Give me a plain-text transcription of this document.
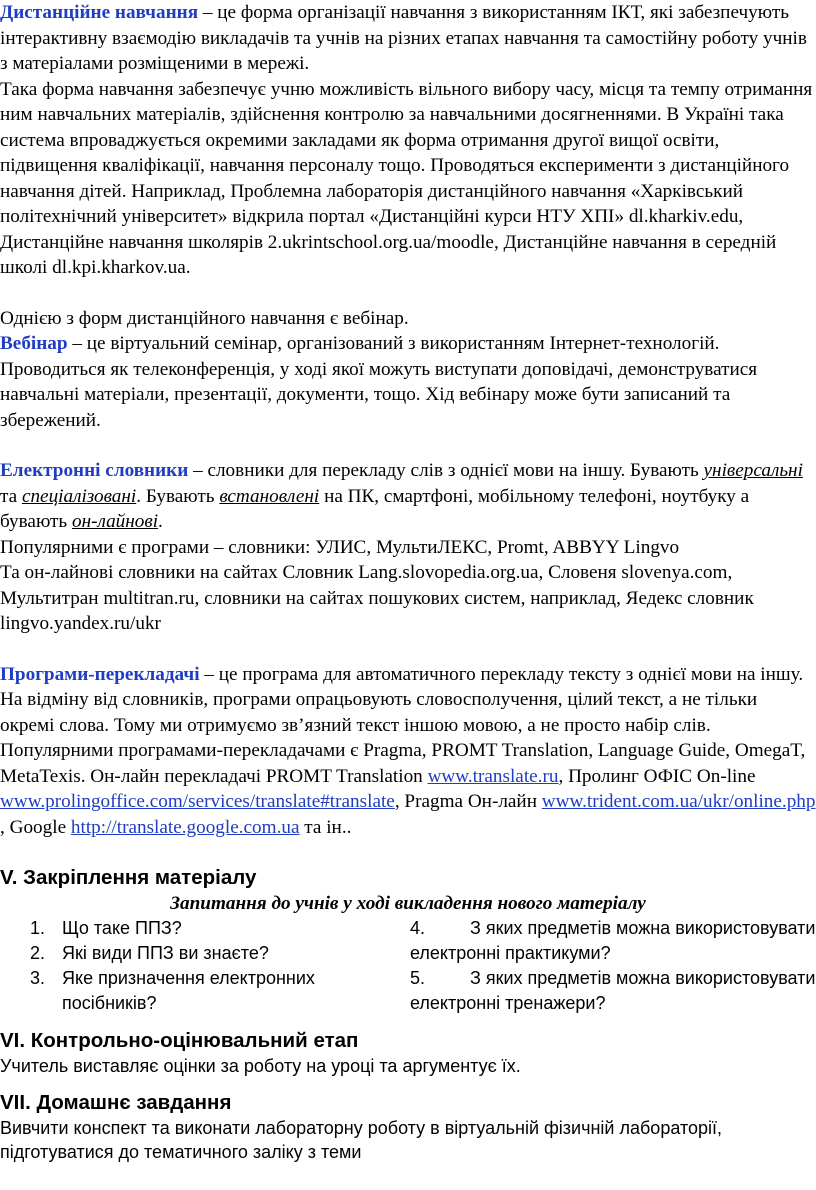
Дистанційне навчання – це форма організації навчання з використанням ІКТ, які забезпечують інтерактивну взаємодію викладачів та учнів на різних етапах навчання та самостійну роботу учнів з матеріалами розміщеними в мережі.

Така форма навчання забезпечує учню можливість вільного вибору часу, місця та темпу отримання ним навчальних матеріалів, здійснення контролю за навчальними досягненнями. В Україні така система впроваджується окремими закладами як форма отримання другої вищої освіти, підвищення кваліфікації, навчання персоналу тощо. Проводяться експерименти з дистанційного навчання дітей. Наприклад, Проблемна лабораторія дистанційного навчання «Харківський політехнічний університет» відкрила портал «Дистанційні курси НТУ ХПІ» dl.kharkiv.edu, Дистанційне навчання школярів 2.ukrintschool.org.ua/moodle, Дистанційне навчання в середній школі dl.kpi.kharkov.ua.

Однією з форм дистанційного навчання є вебінар.

Вебінар – це віртуальний семінар, організований з використанням Інтернет-технологій. Проводиться як телеконференція, у ході якої можуть виступати доповідачі, демонструватися навчальні матеріали, презентації, документи, тощо. Хід вебінару може бути записаний та збережений.

Електронні словники – словники для перекладу слів з однієї мови на іншу. Бувають універсальні та спеціалізовані. Бувають встановлені на ПК, смартфоні, мобільному телефоні, ноутбуку а бувають он-лайнові.

Популярними є програми – словники: УЛИС, МультиЛЕКС, Promt, ABBYY Lingvo

Та он-лайнові словники на сайтах Словник Lang.slovopedia.org.ua, Словеня slovenya.com, Мультитран multitran.ru, словники на сайтах пошукових систем, наприклад, Яедекс словник lingvo.yandex.ru/ukr

Програми-перекладачі – це програма для автоматичного перекладу тексту з однієї мови на іншу. На відміну від словників, програми опрацьовують словосполучення, цілий текст, а не тільки окремі слова. Тому ми отримуємо зв’язний текст іншою мовою, а не просто набір слів. Популярними програмами-перекладачами є Pragma, PROMT Translation, Language Guide, OmegaT, MetaTexis. Он-лайн перекладачі PROMT Translation www.translate.ru, Пролинг ОФІС On-line www.prolingoffice.com/services/translate#translate, Pragma Он-лайн www.trident.com.ua/ukr/online.php , Google http://translate.google.com.ua та ін..

V. Закріплення матеріалу

Запитання до учнів у ході викладення нового матеріалу

1. Що таке ППЗ?
2. Які види ППЗ ви знаєте?
3. Яке призначення електронних посібників?
4. З яких предметів можна використовувати електронні практикуми?
5. З яких предметів можна використовувати електронні тренажери?
VI. Контрольно-оцінювальний етап

Учитель виставляє оцінки за роботу на уроці та аргументує їх.

VII. Домашнє завдання

Вивчити конспект та виконати лабораторну роботу в віртуальній фізичній лабораторії, підготуватися до тематичного заліку з теми
